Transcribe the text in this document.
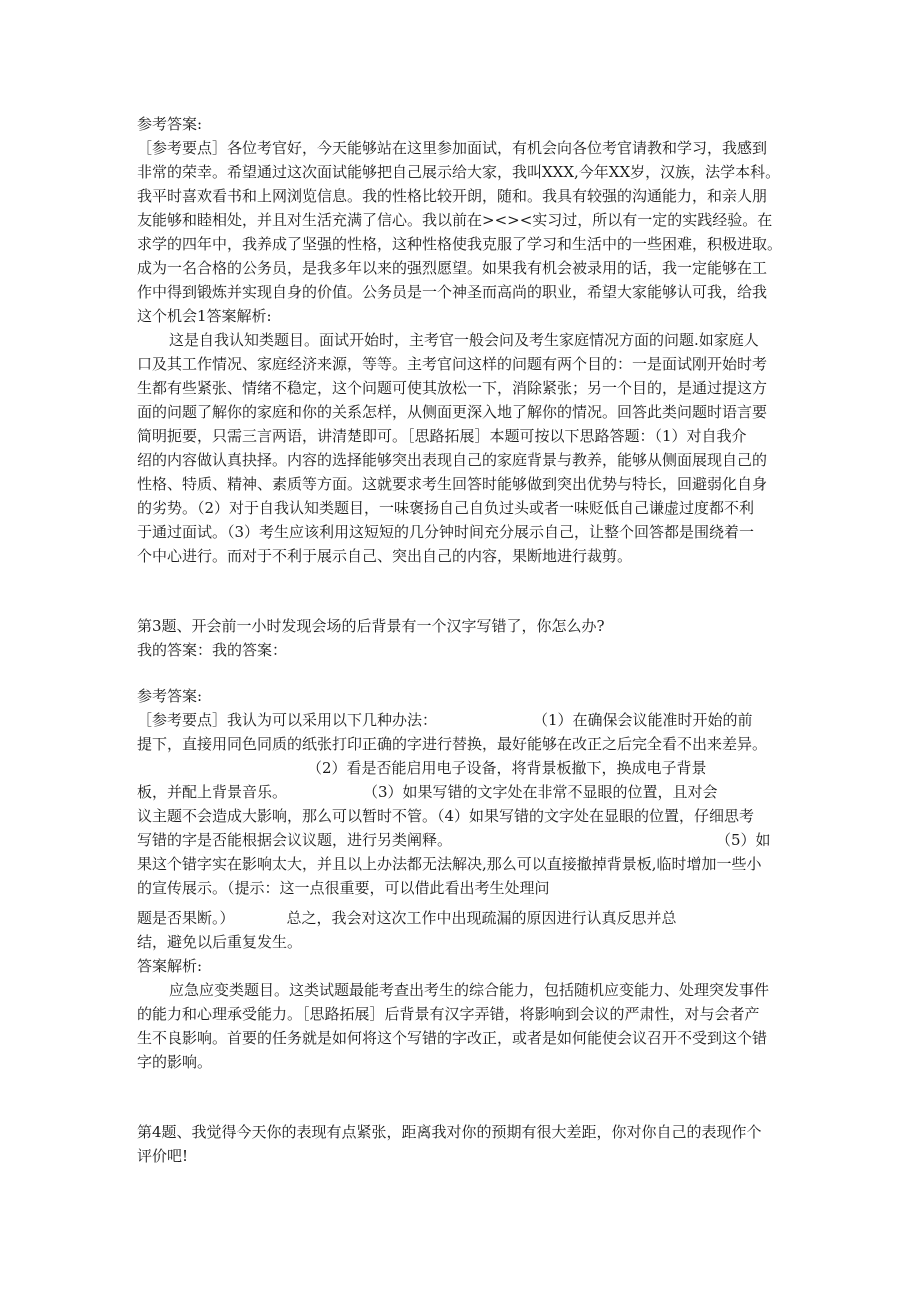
参考答案:
［参考要点］各位考官好，今天能够站在这里参加面试，有机会向各位考官请教和学习，我感到
非常的荣幸。希望通过这次面试能够把自己展示给大家，我叫XXX,今年XX岁，汉族，法学本科。
我平时喜欢看书和上网浏览信息。我的性格比较开朗，随和。我具有较强的沟通能力，和亲人朋
友能够和睦相处，并且对生活充满了信心。我以前在><><实习过，所以有一定的实践经验。在
求学的四年中，我养成了坚强的性格，这种性格使我克服了学习和生活中的一些困难，积极进取。
成为一名合格的公务员，是我多年以来的强烈愿望。如果我有机会被录用的话，我一定能够在工
作中得到锻炼并实现自身的价值。公务员是一个神圣而高尚的职业，希望大家能够认可我，给我
这个机会1答案解析:
这是自我认知类题目。面试开始时，主考官一般会问及考生家庭情况方面的问题.如家庭人
口及其工作情况、家庭经济来源，等等。主考官问这样的问题有两个目的：一是面试刚开始时考
生都有些紧张、情绪不稳定，这个问题可使其放松一下，消除紧张；另一个目的，是通过提这方
面的问题了解你的家庭和你的关系怎样，从侧面更深入地了解你的情况。回答此类问题时语言要
简明扼要，只需三言两语，讲清楚即可。［思路拓展］本题可按以下思路答题：（1）对自我介
绍的内容做认真抉择。内容的选择能够突出表现自己的家庭背景与教养，能够从侧面展现自己的
性格、特质、精神、素质等方面。这就要求考生回答时能够做到突出优势与特长，回避弱化自身
的劣势。（2）对于自我认知类题目，一味褒扬自己自负过头或者一味贬低自己谦虚过度都不利
于通过面试。（3）考生应该利用这短短的几分钟时间充分展示自己，让整个回答都是围绕着一
个中心进行。而对于不利于展示自己、突出自己的内容，果断地进行裁剪。
第3题、开会前一小时发现会场的后背景有一个汉字写错了，你怎么办?
我的答案：我的答案：
参考答案:
［参考要点］我认为可以采用以下几种办法：	（1）在确保会议能准时开始的前
提下，直接用同色同质的纸张打印正确的字进行替换，最好能够在改正之后完全看不出来差异。
（2）看是否能启用电子设备，将背景板撤下，换成电子背景
板，并配上背景音乐。	（3）如果写错的文字处在非常不显眼的位置，且对会
议主题不会造成大影响，那么可以暂时不管。（4）如果写错的文字处在显眼的位置，仔细思考
写错的字是否能根据会议议题，进行另类阐释。	（5）如
果这个错字实在影响太大，并且以上办法都无法解决,那么可以直接撤掉背景板,临时增加一些小
的宣传展示。（提示：这一点很重要，可以借此看出考生处理问
题是否果断。）	总之，我会对这次工作中出现疏漏的原因进行认真反思并总
结，避免以后重复发生。
答案解析:
应急应变类题目。这类试题最能考查出考生的综合能力，包括随机应变能力、处理突发事件
的能力和心理承受能力。［思路拓展］后背景有汉字弄错，将影响到会议的严肃性，对与会者产
生不良影响。首要的任务就是如何将这个写错的字改正，或者是如何能使会议召开不受到这个错
字的影响。
第4题、我觉得今天你的表现有点紧张，距离我对你的预期有很大差距，你对你自己的表现作个
评价吧!
